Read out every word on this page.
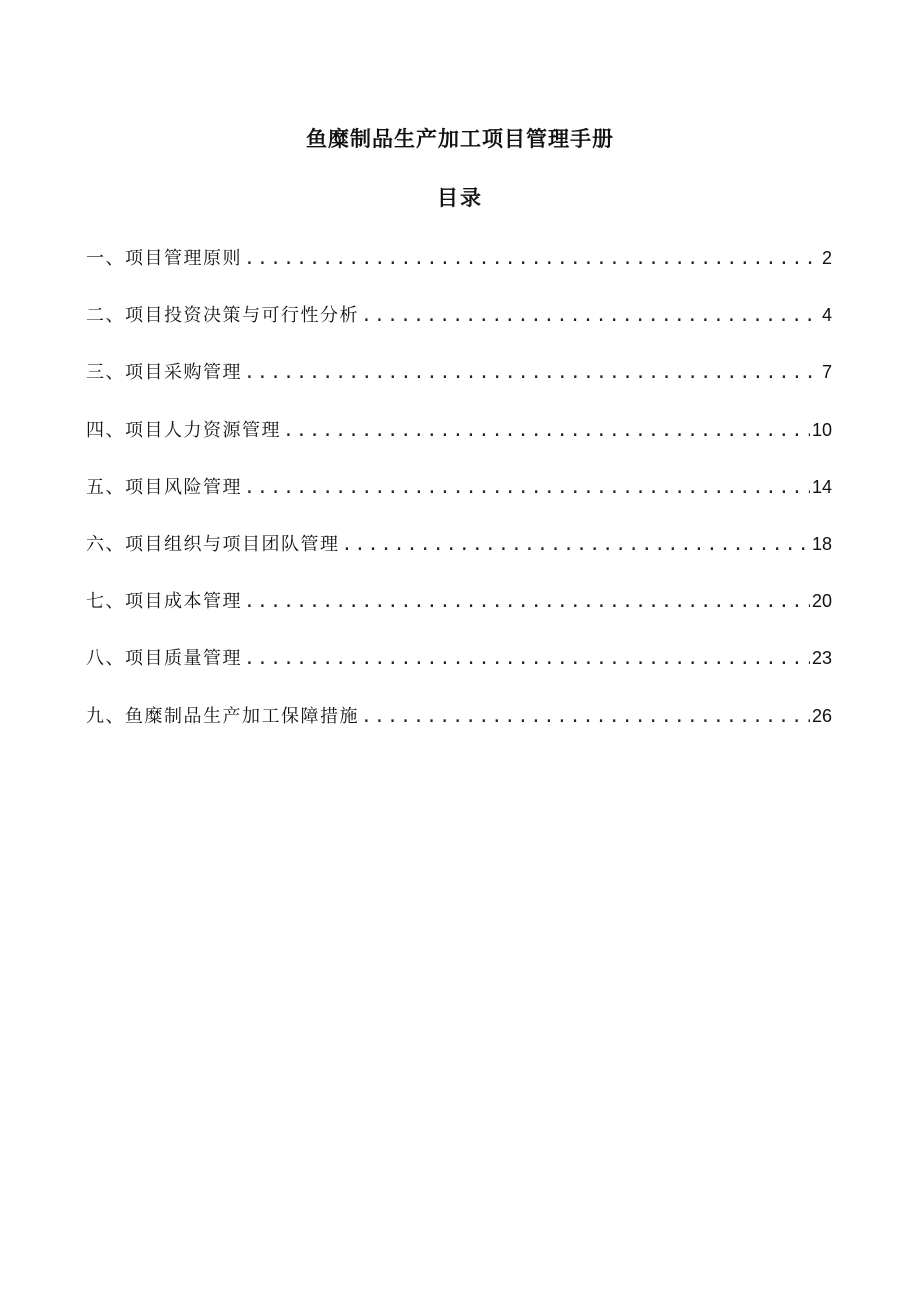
鱼糜制品生产加工项目管理手册
目录
一、项目管理原则 .....	2
二、项目投资决策与可行性分析 .....	4
三、项目采购管理 .....	7
四、项目人力资源管理 .....	10
五、项目风险管理 .....	14
六、项目组织与项目团队管理 .....	18
七、项目成本管理 .....	20
八、项目质量管理 .....	23
九、鱼糜制品生产加工保障措施 .....	26
